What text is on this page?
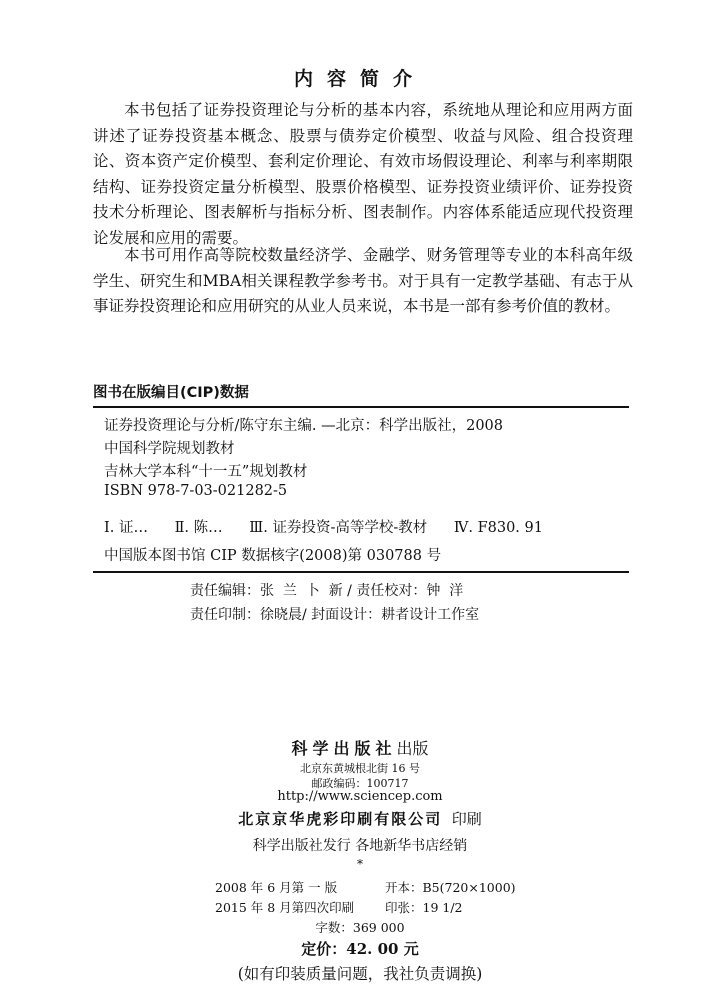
内容简介
本书包括了证券投资理论与分析的基本内容，系统地从理论和应用两方面讲述了证券投资基本概念、股票与债券定价模型、收益与风险、组合投资理论、资本资产定价模型、套利定价理论、有效市场假设理论、利率与利率期限结构、证券投资定量分析模型、股票价格模型、证券投资业绩评价、证券投资技术分析理论、图表解析与指标分析、图表制作。内容体系能适应现代投资理论发展和应用的需要。
本书可用作高等院校数量经济学、金融学、财务管理等专业的本科高年级学生、研究生和MBA相关课程教学参考书。对于具有一定教学基础、有志于从事证券投资理论和应用研究的从业人员来说，本书是一部有参考价值的教材。
图书在版编目(CIP)数据
证券投资理论与分析/陈守东主编. —北京：科学出版社，2008
中国科学院规划教材
吉林大学本科“十一五”规划教材
ISBN 978-7-03-021282-5
Ⅰ. 证… Ⅱ. 陈… Ⅲ. 证券投资-高等学校-教材 Ⅳ. F830. 91
中国版本图书馆 CIP 数据核字(2008)第 030788 号
责任编辑：张  兰  卜  新 / 责任校对：钟  洋
责任印制：徐晓晨/ 封面设计：耕者设计工作室
科学出版社出版
北京东黄城根北街 16 号
邮政编码：100717
http://www.sciencep.com
北京京华虎彩印刷有限公司 印刷
科学出版社发行 各地新华书店经销
*
2008 年 6 月第 一 版	开本：B5(720×1000)
2015 年 8 月第四次印刷 印张：19 1/2
字数：369 000
定价：42. 00 元
(如有印装质量问题，我社负责调换)
